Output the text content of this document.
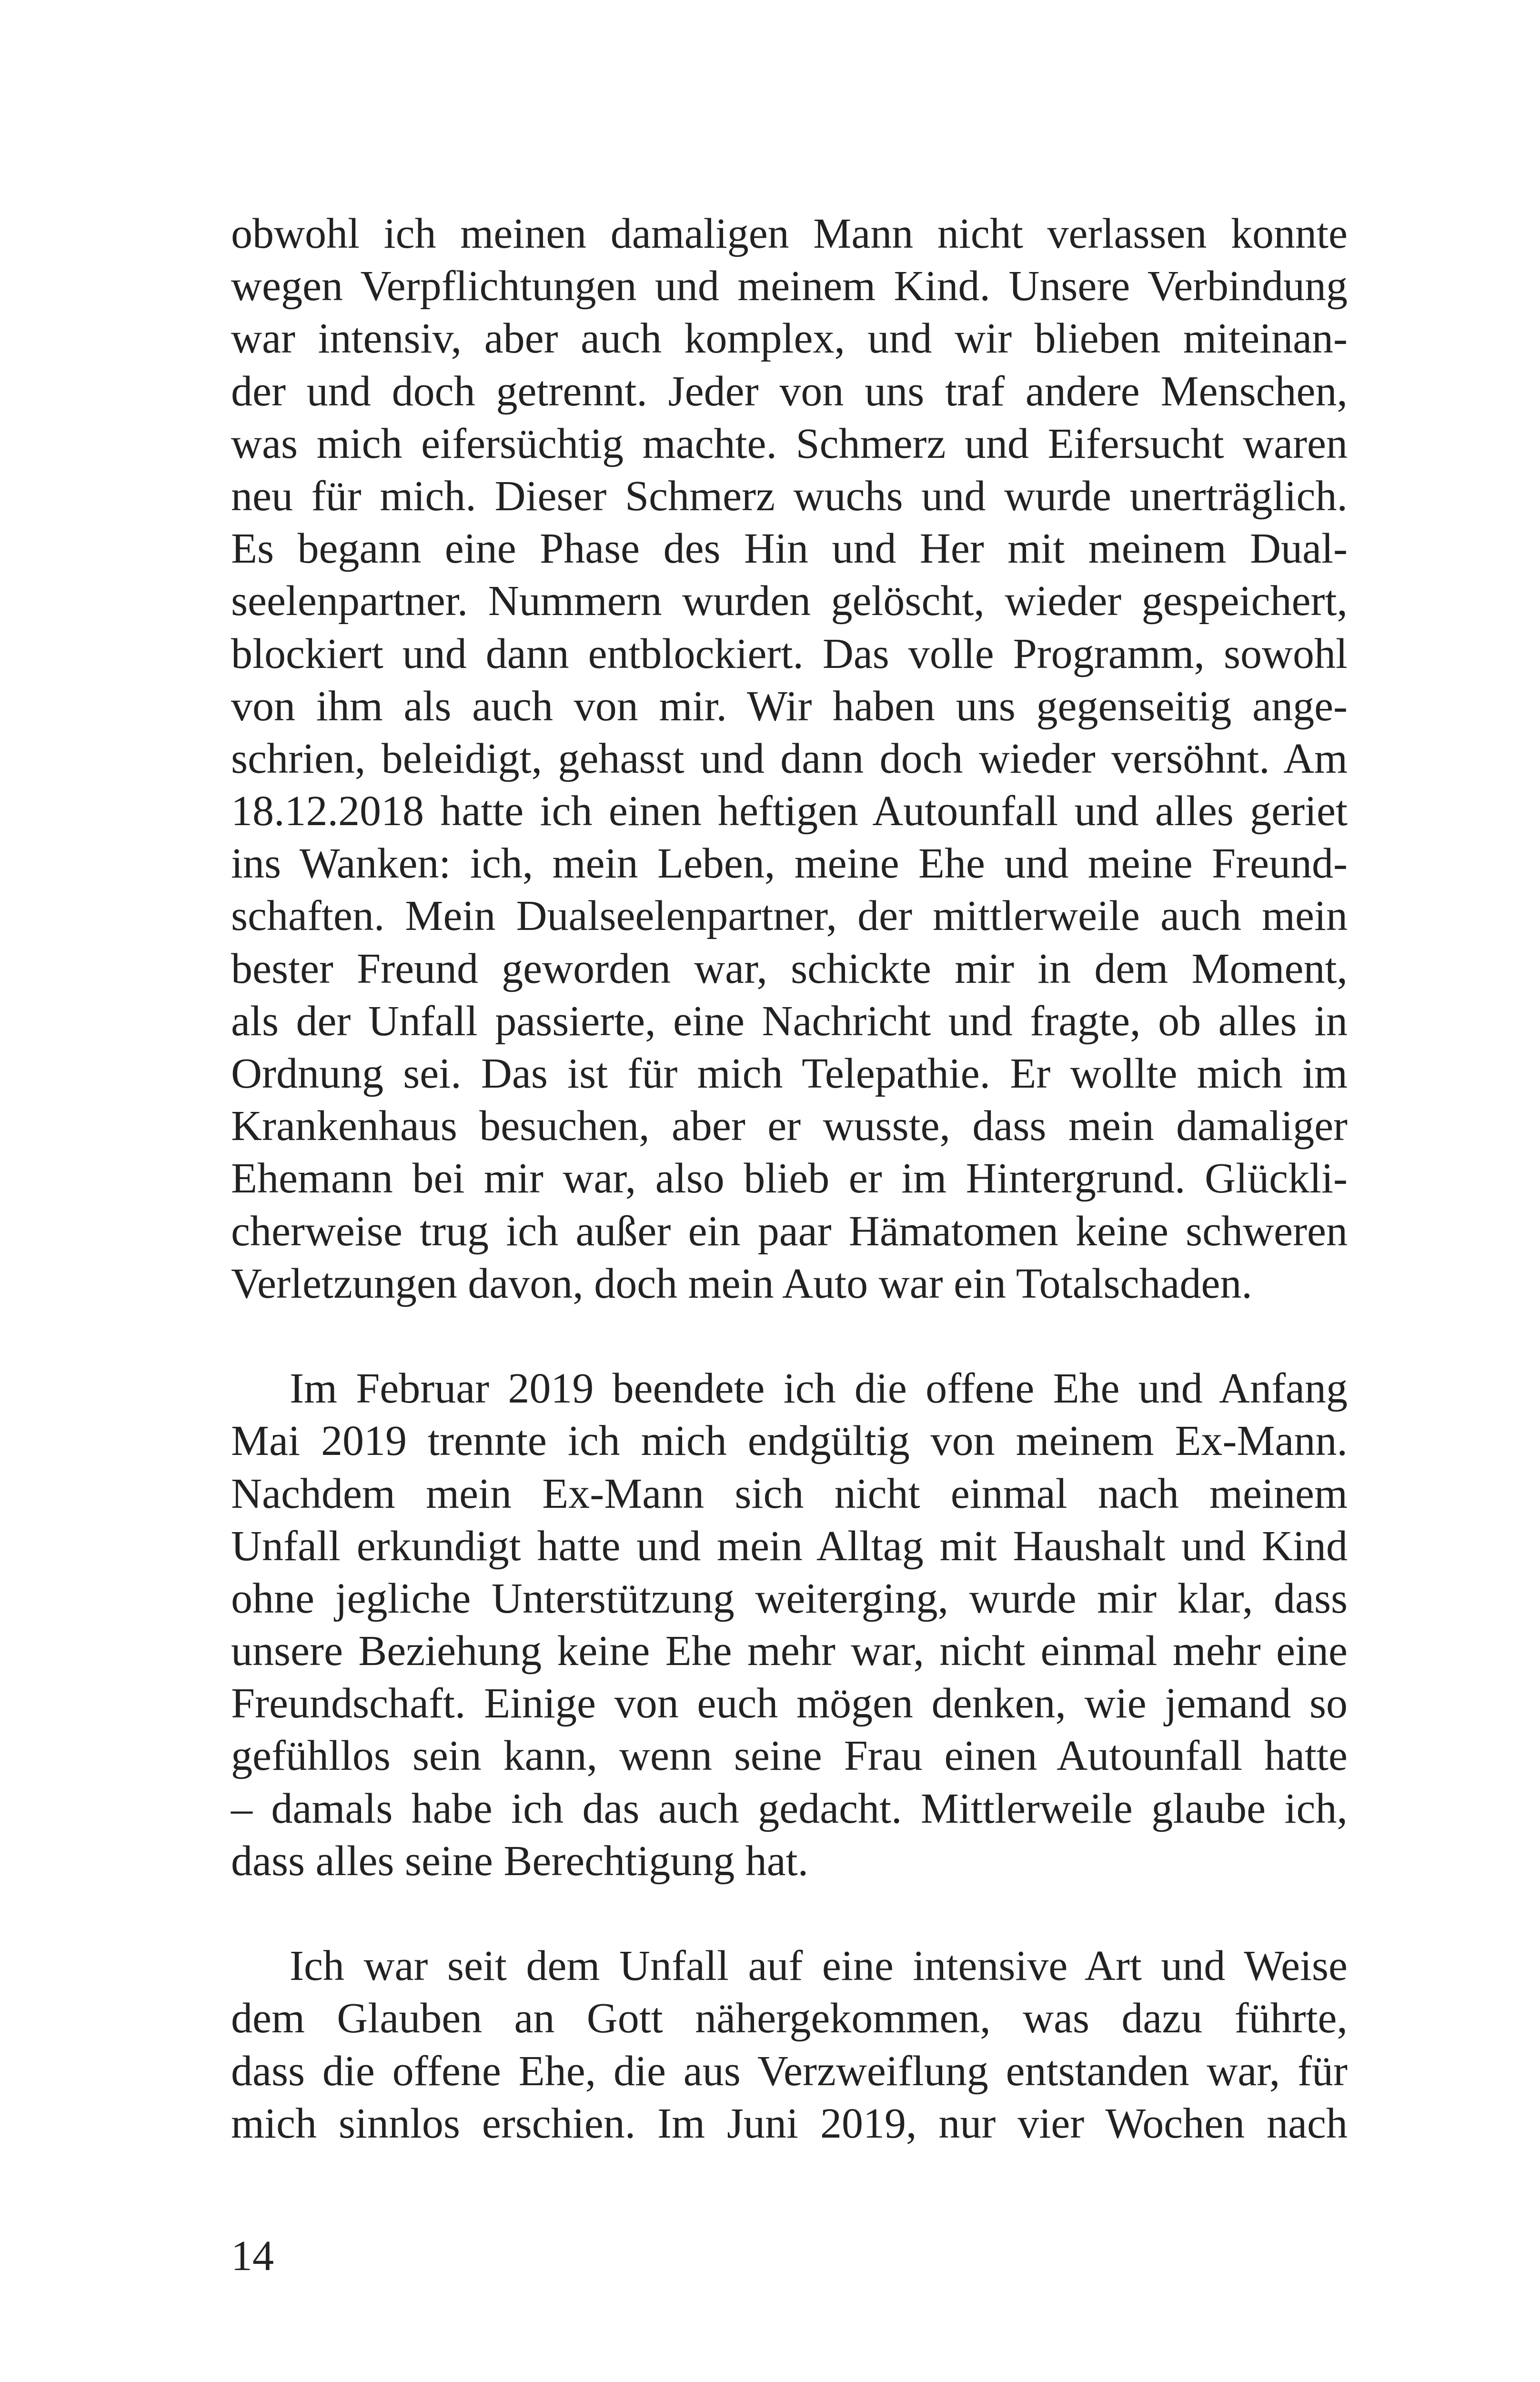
obwohl ich meinen damaligen Mann nicht verlassen konnte
wegen Verpflichtungen und meinem Kind. Unsere Verbindung
war intensiv, aber auch komplex, und wir blieben miteinan-
der und doch getrennt. Jeder von uns traf andere Menschen,
was mich eifersüchtig machte. Schmerz und Eifersucht waren
neu für mich. Dieser Schmerz wuchs und wurde unerträglich.
Es begann eine Phase des Hin und Her mit meinem Dual-
seelenpartner. Nummern wurden gelöscht, wieder gespeichert,
blockiert und dann entblockiert. Das volle Programm, sowohl
von ihm als auch von mir. Wir haben uns gegenseitig ange-
schrien, beleidigt, gehasst und dann doch wieder versöhnt. Am
18.12.2018 hatte ich einen heftigen Autounfall und alles geriet
ins Wanken: ich, mein Leben, meine Ehe und meine Freund-
schaften. Mein Dualseelenpartner, der mittlerweile auch mein
bester Freund geworden war, schickte mir in dem Moment,
als der Unfall passierte, eine Nachricht und fragte, ob alles in
Ordnung sei. Das ist für mich Telepathie. Er wollte mich im
Krankenhaus besuchen, aber er wusste, dass mein damaliger
Ehemann bei mir war, also blieb er im Hintergrund. Glückli-
cherweise trug ich außer ein paar Hämatomen keine schweren
Verletzungen davon, doch mein Auto war ein Totalschaden.
Im Februar 2019 beendete ich die offene Ehe und Anfang
Mai 2019 trennte ich mich endgültig von meinem Ex-Mann.
Nachdem mein Ex-Mann sich nicht einmal nach meinem
Unfall erkundigt hatte und mein Alltag mit Haushalt und Kind
ohne jegliche Unterstützung weiterging, wurde mir klar, dass
unsere Beziehung keine Ehe mehr war, nicht einmal mehr eine
Freundschaft. Einige von euch mögen denken, wie jemand so
gefühllos sein kann, wenn seine Frau einen Autounfall hatte
– damals habe ich das auch gedacht. Mittlerweile glaube ich,
dass alles seine Berechtigung hat.
Ich war seit dem Unfall auf eine intensive Art und Weise
dem Glauben an Gott nähergekommen, was dazu führte,
dass die offene Ehe, die aus Verzweiflung entstanden war, für
mich sinnlos erschien. Im Juni 2019, nur vier Wochen nach
14
